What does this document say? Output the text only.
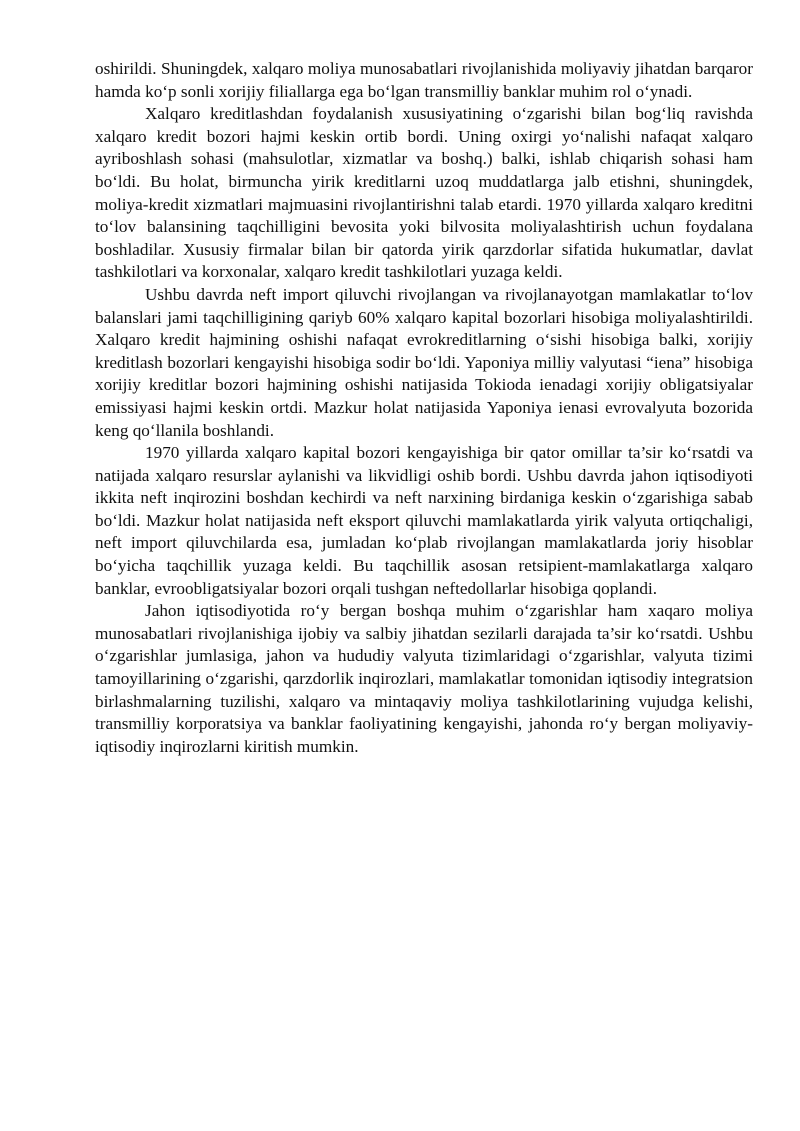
oshirildi. Shuningdek, xalqaro moliya munosabatlari rivojlanishida moliyaviy jihatdan barqaror hamda ko‘p sonli xorijiy filiallarga ega bo‘lgan transmilliy banklar muhim rol o‘ynadi.

Xalqaro kreditlashdan foydalanish xususiyatining o‘zgarishi bilan bog‘liq ravishda xalqaro kredit bozori hajmi keskin ortib bordi. Uning oxirgi yo‘nalishi nafaqat xalqaro ayriboshlash sohasi (mahsulotlar, xizmatlar va boshq.) balki, ishlab chiqarish sohasi ham bo‘ldi. Bu holat, birmuncha yirik kreditlarni uzoq muddatlarga jalb etishni, shuningdek, moliya-kredit xizmatlari majmuasini rivojlantirishni talab etardi. 1970 yillarda xalqaro kreditni to‘lov balansining taqchilligini bevosita yoki bilvosita moliyalashtirish uchun foydalana boshladilar. Xususiy firmalar bilan bir qatorda yirik qarzdorlar sifatida hukumatlar, davlat tashkilotlari va korxonalar, xalqaro kredit tashkilotlari yuzaga keldi.

Ushbu davrda neft import qiluvchi rivojlangan va rivojlanayotgan mamlakatlar to‘lov balanslari jami taqchilligining qariyb 60% xalqaro kapital bozorlari hisobiga moliyalashtirildi. Xalqaro kredit hajmining oshishi nafaqat evrokreditlarning o‘sishi hisobiga balki, xorijiy kreditlash bozorlari kengayishi hisobiga sodir bo‘ldi. Yaponiya milliy valyutasi “iena” hisobiga xorijiy kreditlar bozori hajmining oshishi natijasida Tokioda ienadagi xorijiy obligatsiyalar emissiyasi hajmi keskin ortdi. Mazkur holat natijasida Yaponiya ienasi evrovalyuta bozorida keng qo‘llanila boshlandi.

1970 yillarda xalqaro kapital bozori kengayishiga bir qator omillar ta’sir ko‘rsatdi va natijada xalqaro resurslar aylanishi va likvidligi oshib bordi. Ushbu davrda jahon iqtisodiyoti ikkita neft inqirozini boshdan kechirdi va neft narxining birdaniga keskin o‘zgarishiga sabab bo‘ldi. Mazkur holat natijasida neft eksport qiluvchi mamlakatlarda yirik valyuta ortiqchaligi, neft import qiluvchilarda esa, jumladan ko‘plab rivojlangan mamlakatlarda joriy hisoblar bo‘yicha taqchillik yuzaga keldi. Bu taqchillik asosan retsipient-mamlakatlarga xalqaro banklar, evroobligatsiyalar bozori orqali tushgan neftedollarlar hisobiga qoplandi.

Jahon iqtisodiyotida ro‘y bergan boshqa muhim o‘zgarishlar ham xaqaro moliya munosabatlari rivojlanishiga ijobiy va salbiy jihatdan sezilarli darajada ta’sir ko‘rsatdi. Ushbu o‘zgarishlar jumlasiga, jahon va hududiy valyuta tizimlaridagi o‘zgarishlar, valyuta tizimi tamoyillarining o‘zgarishi, qarzdorlik inqirozlari, mamlakatlar tomonidan iqtisodiy integratsion birlashmalarning tuzilishi, xalqaro va mintaqaviy moliya tashkilotlarining vujudga kelishi, transmilliy korporatsiya va banklar faoliyatining kengayishi, jahonda ro‘y bergan moliyaviy-iqtisodiy inqirozlarni kiritish mumkin.
